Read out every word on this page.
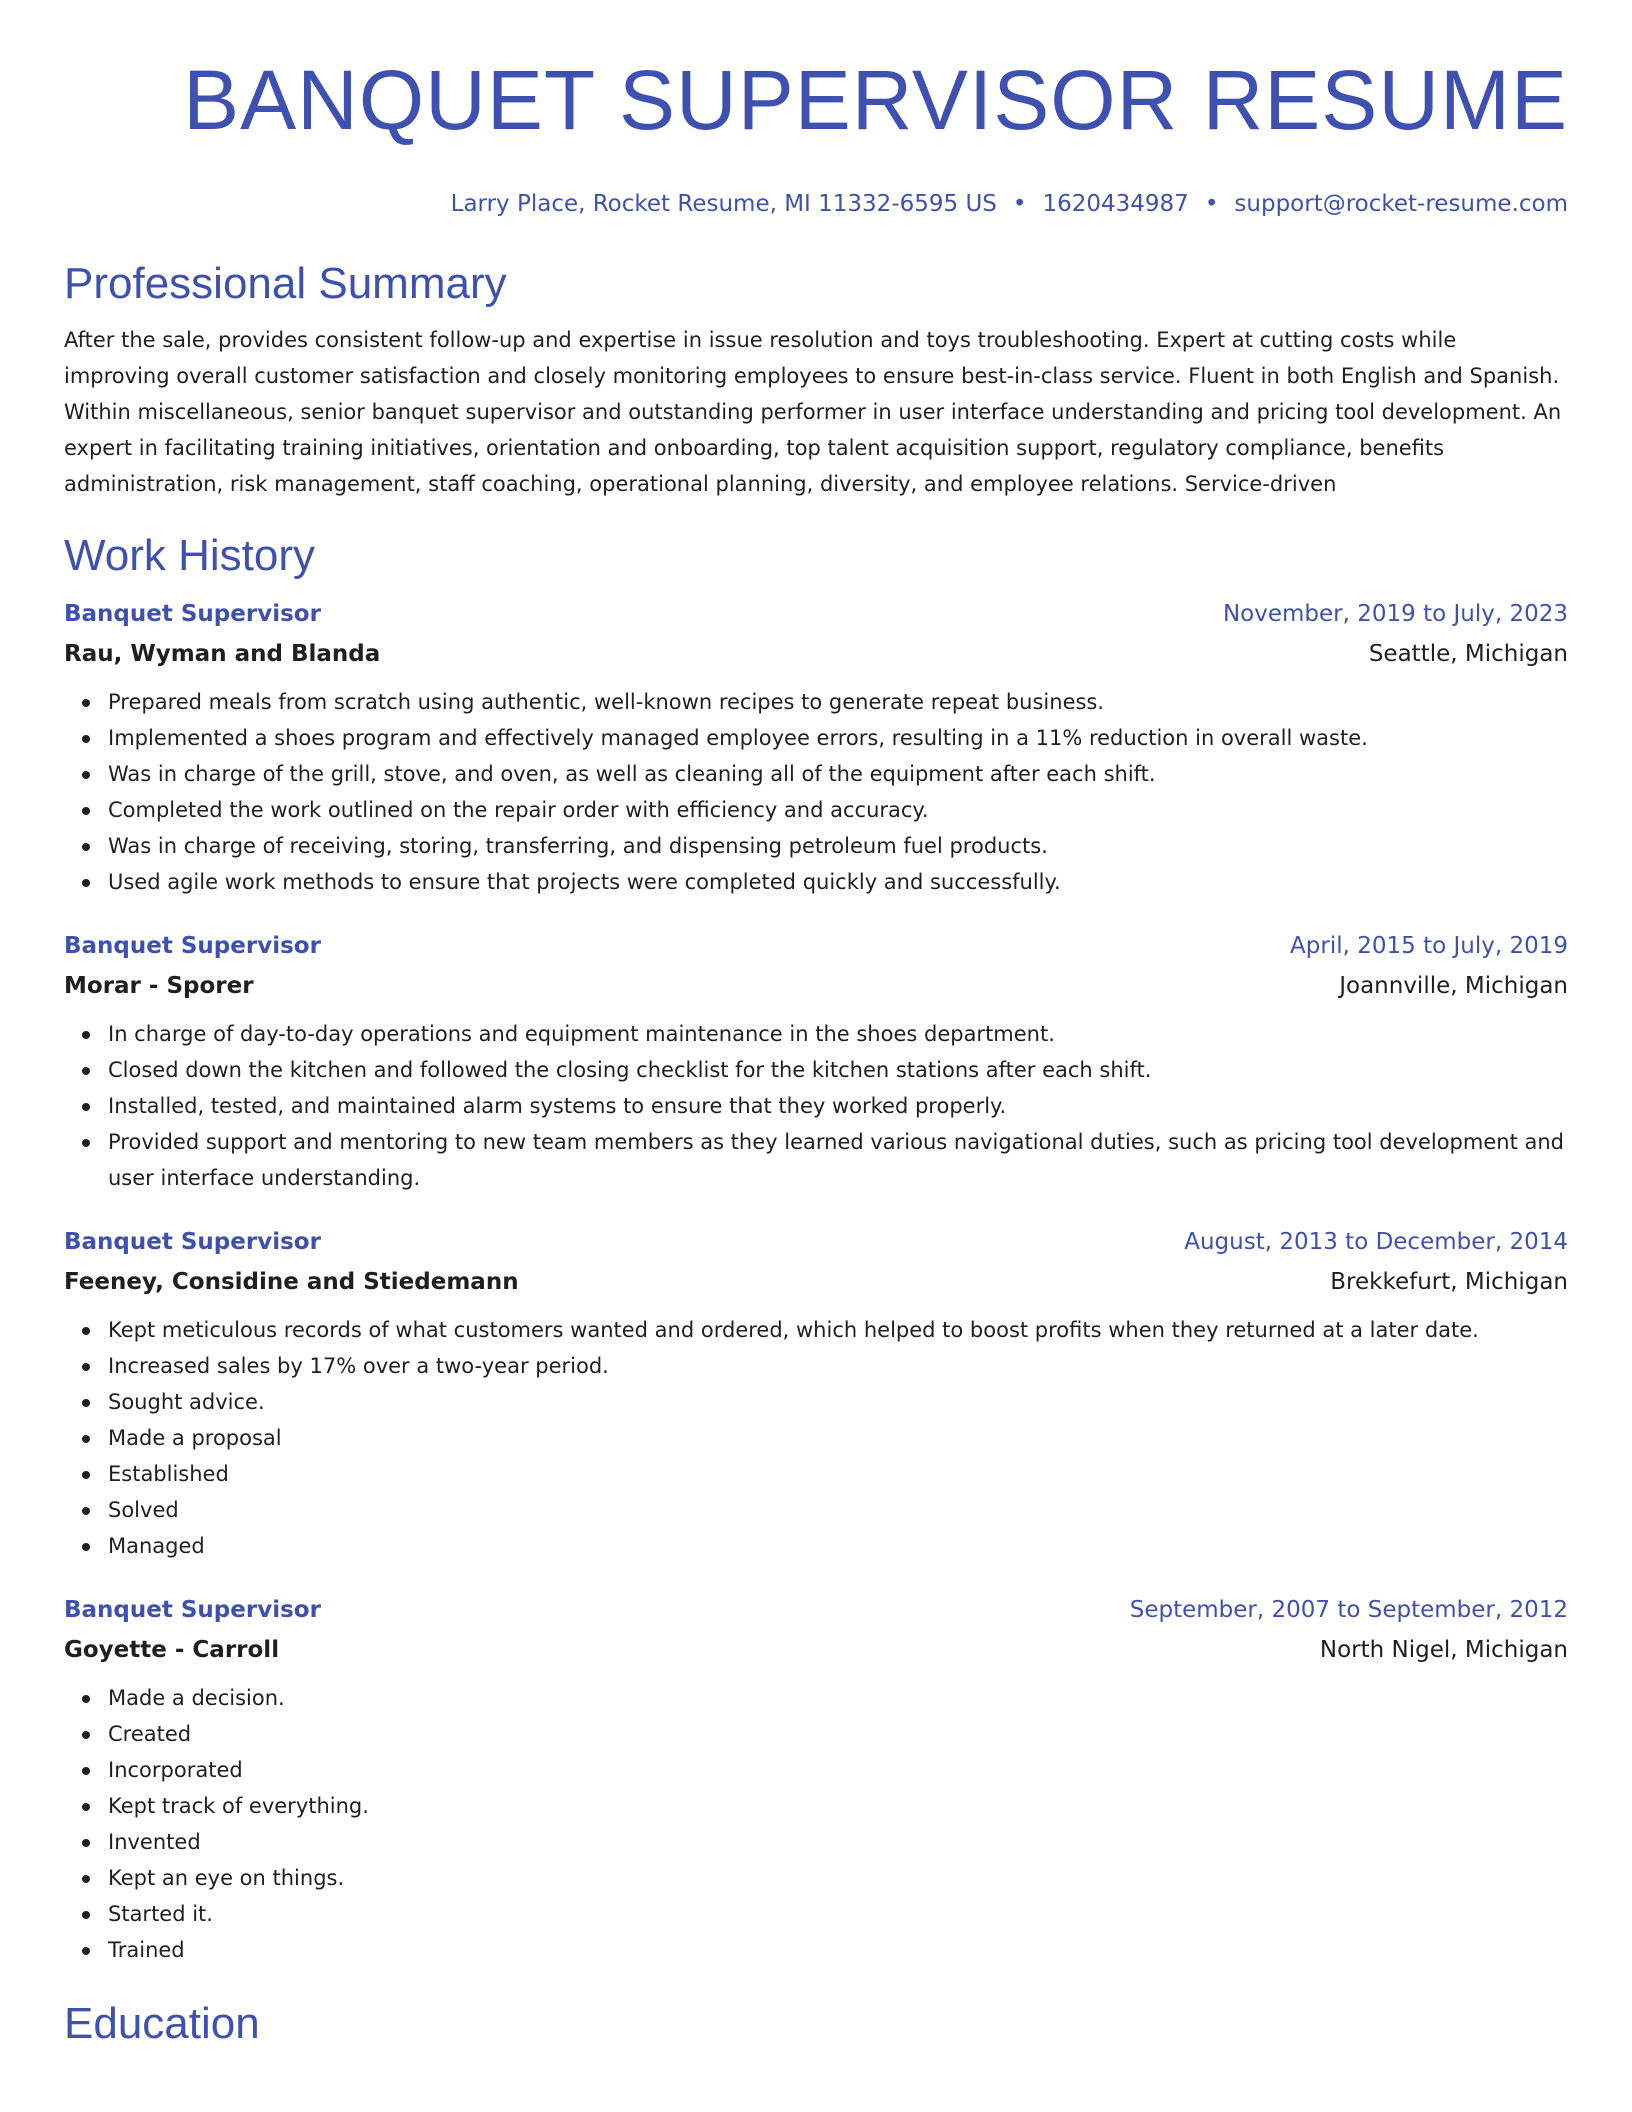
BANQUET SUPERVISOR RESUME
Larry Place, Rocket Resume, MI 11332-6595 US • 1620434987 • support@rocket-resume.com
Professional Summary
After the sale, provides consistent follow-up and expertise in issue resolution and toys troubleshooting. Expert at cutting costs while improving overall customer satisfaction and closely monitoring employees to ensure best-in-class service. Fluent in both English and Spanish. Within miscellaneous, senior banquet supervisor and outstanding performer in user interface understanding and pricing tool development. An expert in facilitating training initiatives, orientation and onboarding, top talent acquisition support, regulatory compliance, benefits administration, risk management, staff coaching, operational planning, diversity, and employee relations. Service-driven
Work History
Banquet Supervisor	November, 2019 to July, 2023
Rau, Wyman and Blanda	Seattle, Michigan
Prepared meals from scratch using authentic, well-known recipes to generate repeat business.
Implemented a shoes program and effectively managed employee errors, resulting in a 11% reduction in overall waste.
Was in charge of the grill, stove, and oven, as well as cleaning all of the equipment after each shift.
Completed the work outlined on the repair order with efficiency and accuracy.
Was in charge of receiving, storing, transferring, and dispensing petroleum fuel products.
Used agile work methods to ensure that projects were completed quickly and successfully.
Banquet Supervisor	April, 2015 to July, 2019
Morar - Sporer	Joannville, Michigan
In charge of day-to-day operations and equipment maintenance in the shoes department.
Closed down the kitchen and followed the closing checklist for the kitchen stations after each shift.
Installed, tested, and maintained alarm systems to ensure that they worked properly.
Provided support and mentoring to new team members as they learned various navigational duties, such as pricing tool development and user interface understanding.
Banquet Supervisor	August, 2013 to December, 2014
Feeney, Considine and Stiedemann	Brekkefurt, Michigan
Kept meticulous records of what customers wanted and ordered, which helped to boost profits when they returned at a later date.
Increased sales by 17% over a two-year period.
Sought advice.
Made a proposal
Established
Solved
Managed
Banquet Supervisor	September, 2007 to September, 2012
Goyette - Carroll	North Nigel, Michigan
Made a decision.
Created
Incorporated
Kept track of everything.
Invented
Kept an eye on things.
Started it.
Trained
Education
